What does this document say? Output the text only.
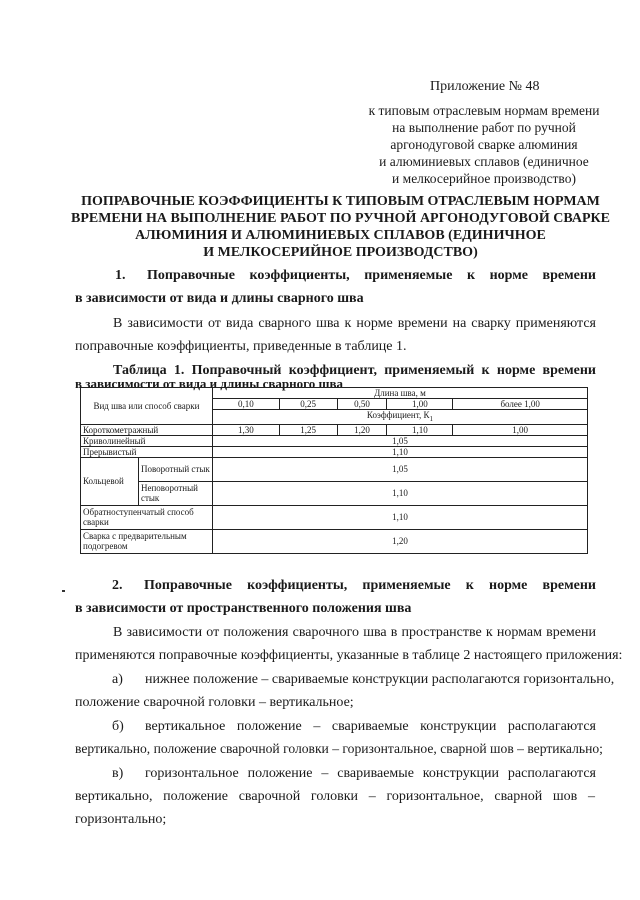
Приложение № 48
к типовым отраслевым нормам времени
на выполнение работ по ручной
аргонодуговой сварке алюминия
и алюминиевых сплавов (единичное
и мелкосерийное производство)
ПОПРАВОЧНЫЕ КОЭФФИЦИЕНТЫ К ТИПОВЫМ ОТРАСЛЕВЫМ НОРМАМ
ВРЕМЕНИ НА ВЫПОЛНЕНИЕ РАБОТ ПО РУЧНОЙ АРГОНОДУГОВОЙ СВАРКЕ
АЛЮМИНИЯ И АЛЮМИНИЕВЫХ СПЛАВОВ (ЕДИНИЧНОЕ
И МЕЛКОСЕРИЙНОЕ ПРОИЗВОДСТВО)
1. Поправочные коэффициенты, применяемые к норме времени
в зависимости от вида и длины сварного шва
В зависимости от вида сварного шва к норме времени на сварку применяются
поправочные коэффициенты, приведенные в таблице 1.
Таблица 1. Поправочный коэффициент, применяемый к норме времени
в зависимости от вида и длины сварного шва
Вид шва или способ сварки		Длина шва, м				
		0,10	0,25	0,50	1,00	более 1,00
		Коэффициент, $К_1$
Короткометражный		1,30	1,25	1,20	1,10	1,00
Криволинейный		1,05				
Прерывистый		1,10				
Кольцевой	Поворотный стык	1,05				
	Неповоротный стык	1,10				
Обратноступенчатый способ сварки		1,10				
Сварка с предварительным подогревом		1,20				
2. Поправочные коэффициенты, применяемые к норме времени
в зависимости от пространственного положения шва
В зависимости от положения сварочного шва в пространстве к нормам времени
применяются поправочные коэффициенты, указанные в таблице 2 настоящего приложения:
а) нижнее положение – свариваемые конструкции располагаются горизонтально,
положение сварочной головки – вертикальное;
б) вертикальное положение – свариваемые конструкции располагаются
вертикально, положение сварочной головки – горизонтальное, сварной шов – вертикально;
в) горизонтальное положение – свариваемые конструкции располагаются
вертикально, положение сварочной головки – горизонтальное, сварной шов –
горизонтально;
